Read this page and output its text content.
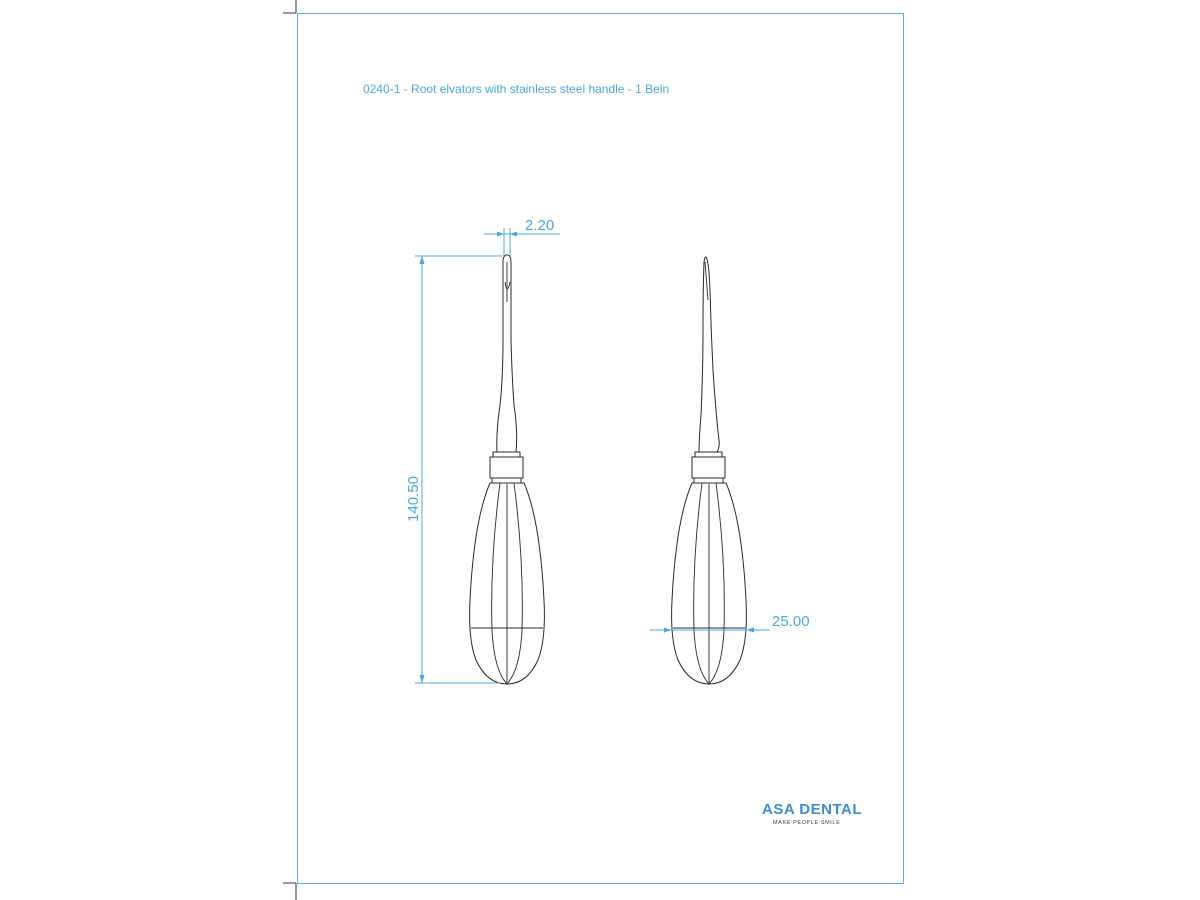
0240-1 - Root elvators with stainless steel handle - 1 Bein
2.20
140.50
25.00
ASA DENTAL
MAKE PEOPLE SMILE
